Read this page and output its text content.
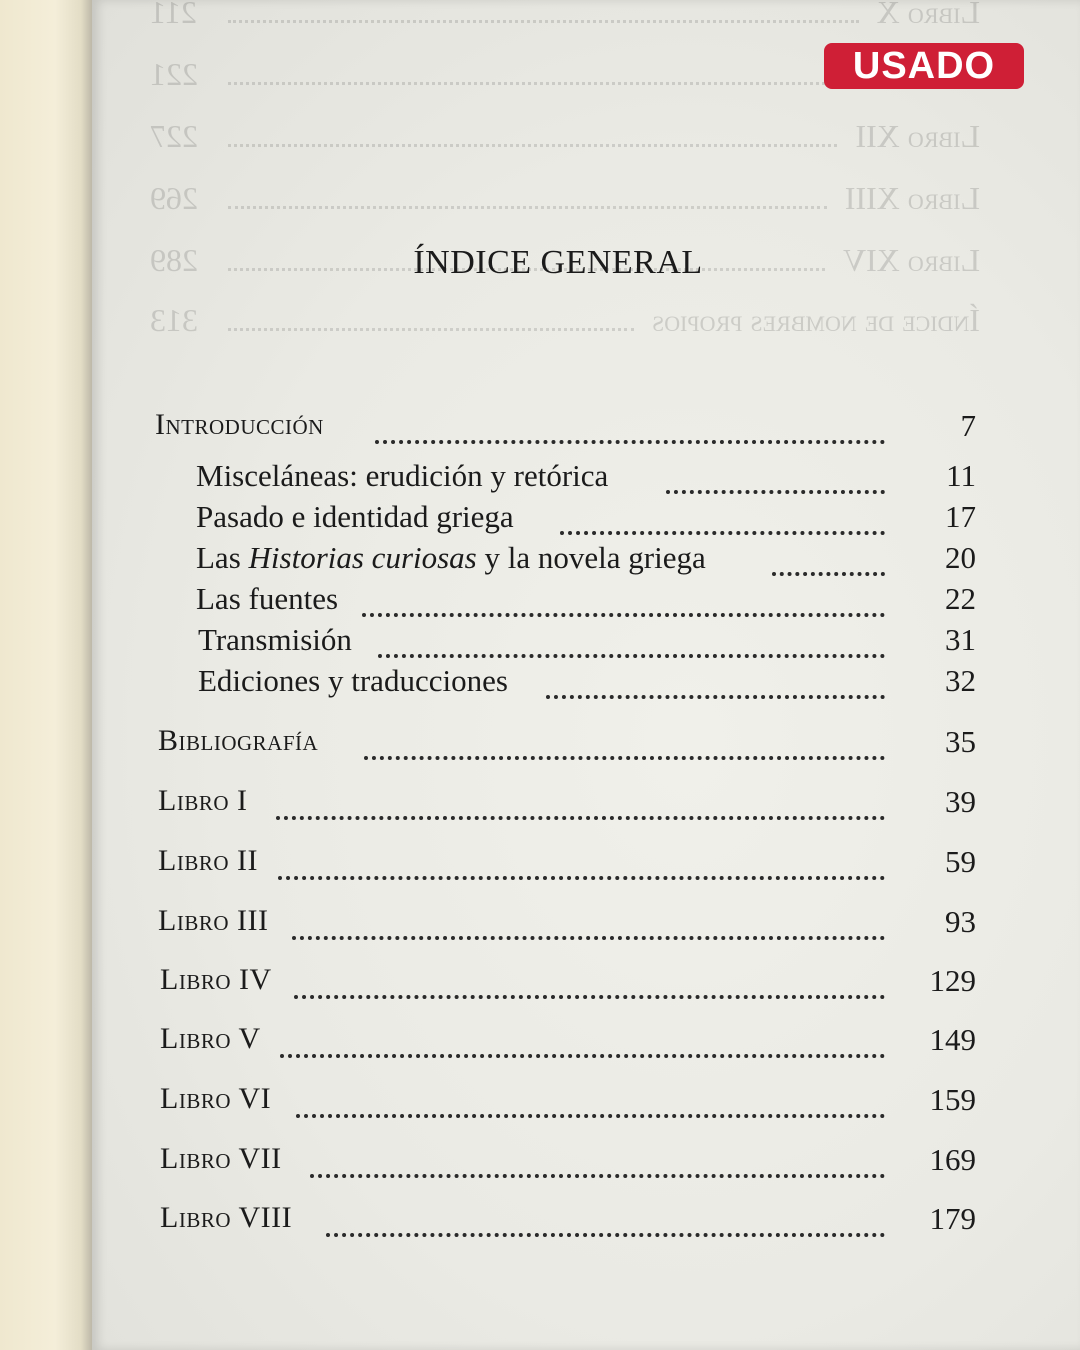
USADO
ÍNDICE GENERAL
Introducción	7
Misceláneas: erudición y retórica	11
Pasado e identidad griega	17
Las Historias curiosas y la novela griega	20
Las fuentes	22
Transmisión	31
Ediciones y traducciones	32
Bibliografía	35
Libro I	39
Libro II	59
Libro III	93
Libro IV	129
Libro V	149
Libro VI	159
Libro VII	169
Libro VIII	179
